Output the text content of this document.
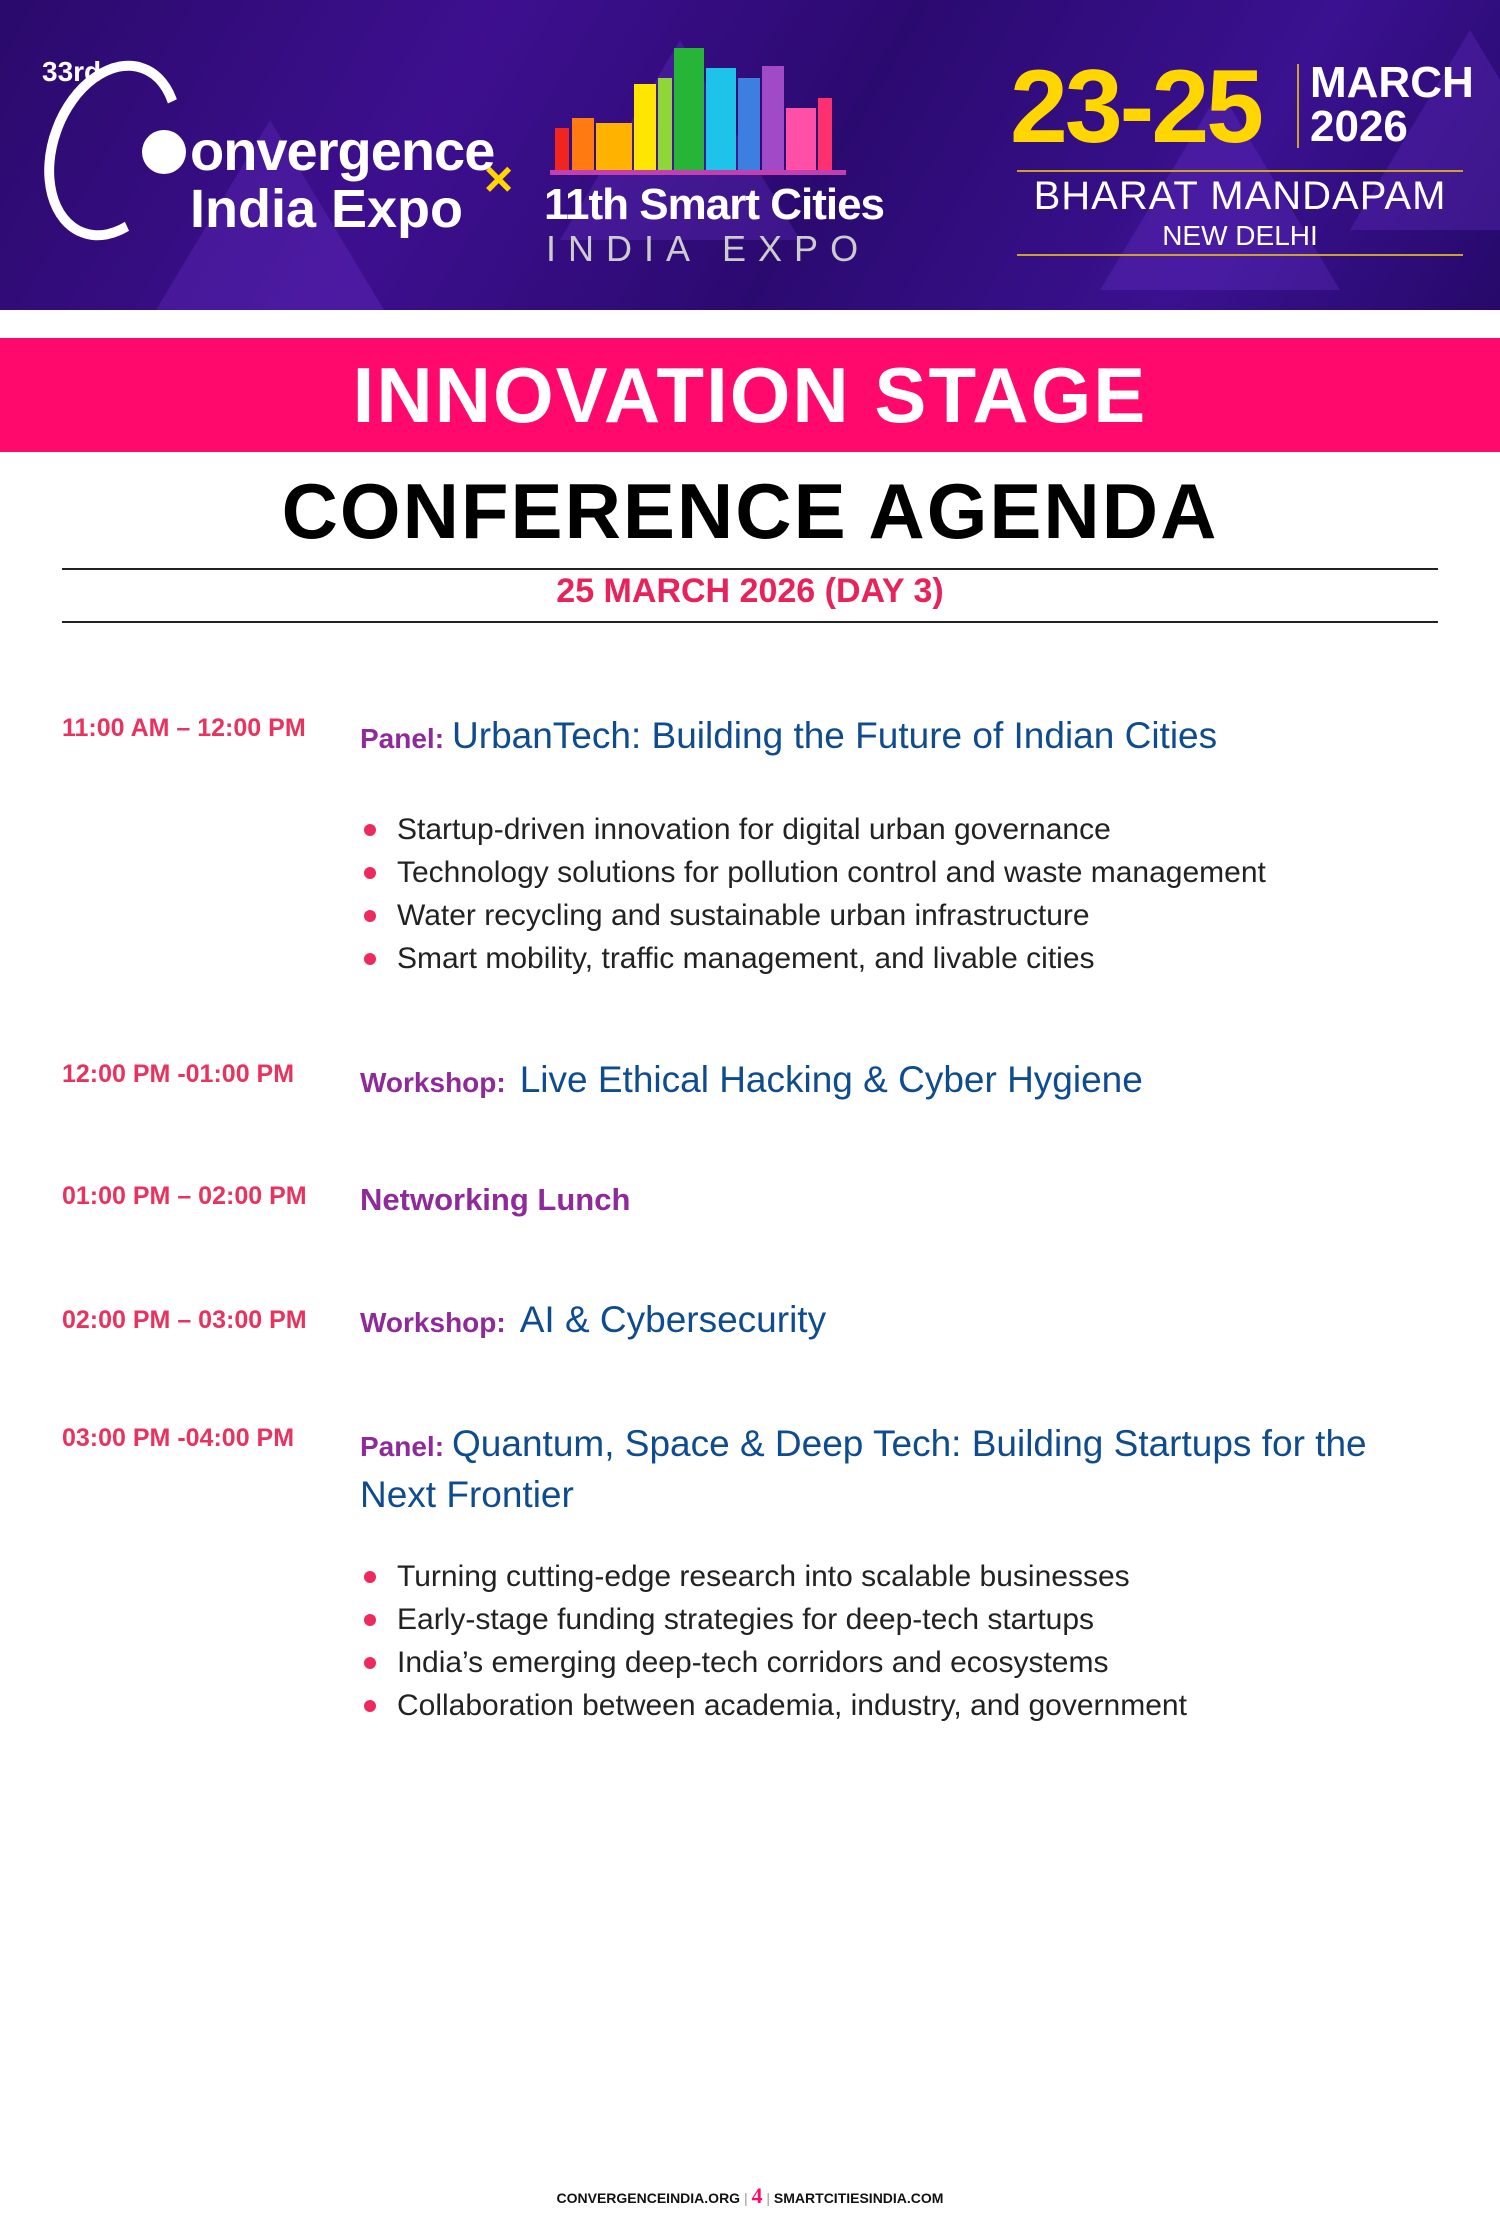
33rd
onvergence
India Expo × 11th Smart Cities
INDIA EXPO
23-25 MARCH
2026
BHARAT MANDAPAM
NEW DELHI
INNOVATION STAGE
CONFERENCE AGENDA
25 MARCH 2026 (DAY 3)
11:00 AM – 12:00 PM Panel: UrbanTech: Building the Future of Indian Cities
Startup-driven innovation for digital urban governance
Technology solutions for pollution control and waste management
Water recycling and sustainable urban infrastructure
Smart mobility, traffic management, and livable cities
12:00 PM -01:00 PM Workshop: Live Ethical Hacking & Cyber Hygiene
01:00 PM – 02:00 PM Networking Lunch
02:00 PM – 03:00 PM Workshop: AI & Cybersecurity
03:00 PM -04:00 PM Panel: Quantum, Space & Deep Tech: Building Startups for the Next Frontier
Turning cutting-edge research into scalable businesses
Early-stage funding strategies for deep-tech startups
India’s emerging deep-tech corridors and ecosystems
Collaboration between academia, industry, and government
CONVERGENCEINDIA.ORG | 4 | SMARTCITIESINDIA.COM
